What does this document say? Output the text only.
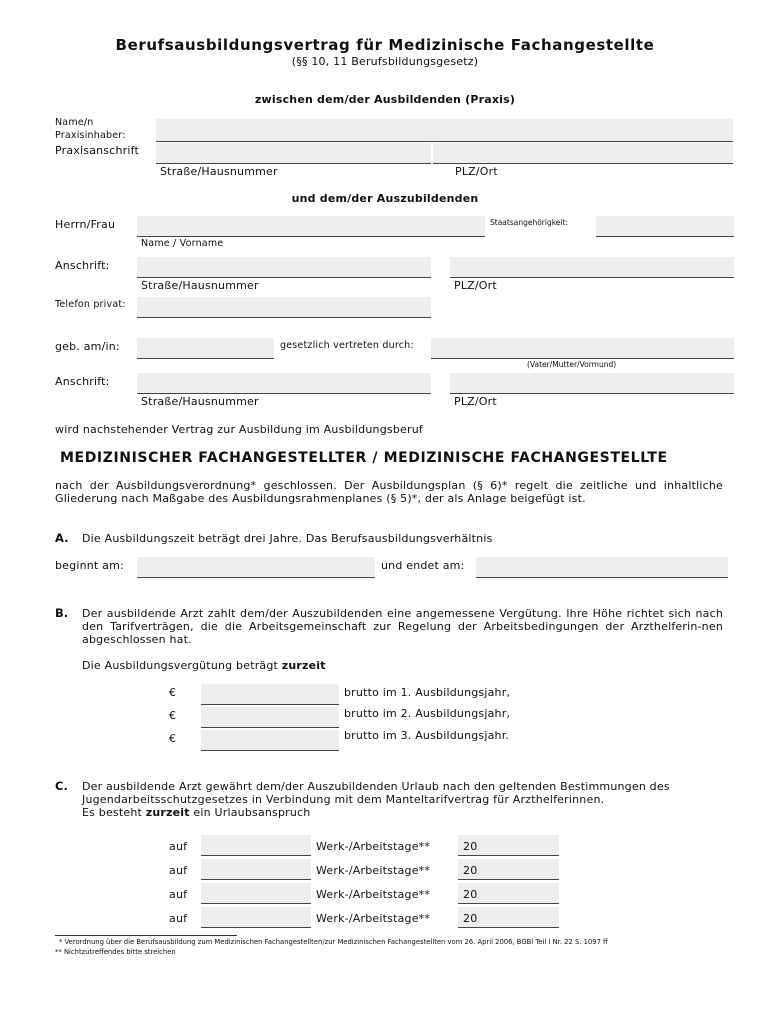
Berufsausbildungsvertrag für Medizinische Fachangestellte
(§§ 10, 11 Berufsbildungsgesetz)
zwischen dem/der Ausbildenden (Praxis)
Name/n
Praxisinhaber:
Praxisanschrift
Straße/Hausnummer	PLZ/Ort
und dem/der Auszubildenden
Herrn/Frau	Staatsangehörigkeit:
Name / Vorname
Anschrift:
Straße/Hausnummer	PLZ/Ort
Telefon privat:
geb. am/in:	gesetzlich vertreten durch:
(Vater/Mutter/Vormund)
Anschrift:
Straße/Hausnummer	PLZ/Ort
wird nachstehender Vertrag zur Ausbildung im Ausbildungsberuf
MEDIZINISCHER FACHANGESTELLTER / MEDIZINISCHE FACHANGESTELLTE
nach der Ausbildungsverordnung* geschlossen. Der Ausbildungsplan (§ 6)* regelt die zeitliche und inhaltliche Gliederung nach Maßgabe des Ausbildungsrahmenplanes (§ 5)*, der als Anlage beigefügt ist.
A. Die Ausbildungszeit beträgt drei Jahre. Das Berufsausbildungsverhältnis
beginnt am:	und endet am:
B. Der ausbildende Arzt zahlt dem/der Auszubildenden eine angemessene Vergütung. Ihre Höhe richtet sich nach den Tarifverträgen, die die Arbeitsgemeinschaft zur Regelung der Arbeitsbedingungen der Arzthelferin-nen abgeschlossen hat.
Die Ausbildungsvergütung beträgt zurzeit
€	brutto im 1. Ausbildungsjahr,
€	brutto im 2. Ausbildungsjahr,
€	brutto im 3. Ausbildungsjahr.
C. Der ausbildende Arzt gewährt dem/der Auszubildenden Urlaub nach den geltenden Bestimmungen des
Jugendarbeitsschutzgesetzes in Verbindung mit dem Manteltarifvertrag für Arzthelferinnen.
Es besteht zurzeit ein Urlaubsanspruch
auf	Werk-/Arbeitstage**	20
auf	Werk-/Arbeitstage**	20
auf	Werk-/Arbeitstage**	20
auf	Werk-/Arbeitstage**	20
* Verordnung über die Berufsausbildung zum Medizinischen Fachangestellten/zur Medizinischen Fachangestellten vom 26. April 2006, BGBl Teil I Nr. 22 S. 1097 ff
** Nichtzutreffendes bitte streichen
